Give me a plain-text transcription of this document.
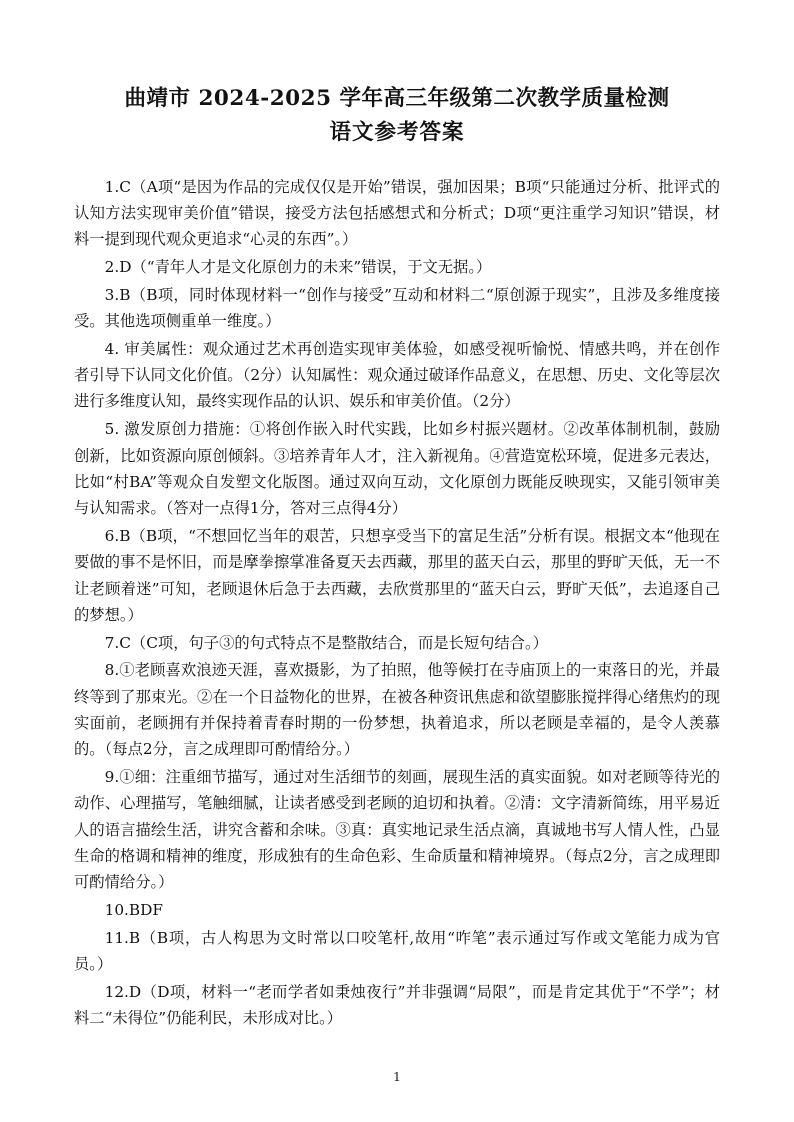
曲靖市 2024-2025 学年高三年级第二次教学质量检测
语文参考答案

1.C（A项“是因为作品的完成仅仅是开始”错误，强加因果；B项“只能通过分析、批评式的认知方法实现审美价值”错误，接受方法包括感想式和分析式；D项“更注重学习知识”错误，材料一提到现代观众更追求“心灵的东西”。）

2.D（“青年人才是文化原创力的未来”错误，于文无据。）

3.B（B项，同时体现材料一“创作与接受”互动和材料二“原创源于现实”，且涉及多维度接受。其他选项侧重单一维度。）

4. 审美属性：观众通过艺术再创造实现审美体验，如感受视听愉悦、情感共鸣，并在创作者引导下认同文化价值。（2分）认知属性：观众通过破译作品意义，在思想、历史、文化等层次进行多维度认知，最终实现作品的认识、娱乐和审美价值。（2分）

5. 激发原创力措施：①将创作嵌入时代实践，比如乡村振兴题材。②改革体制机制，鼓励创新，比如资源向原创倾斜。③培养青年人才，注入新视角。④营造宽松环境，促进多元表达，比如“村BA”等观众自发塑文化版图。通过双向互动，文化原创力既能反映现实，又能引领审美与认知需求。（答对一点得1分，答对三点得4分）

6.B（B项，“不想回忆当年的艰苦，只想享受当下的富足生活”分析有误。根据文本“他现在要做的事不是怀旧，而是摩拳擦掌准备夏天去西藏，那里的蓝天白云，那里的野旷天低，无一不让老顾着迷”可知，老顾退休后急于去西藏，去欣赏那里的“蓝天白云，野旷天低”，去追逐自己的梦想。）

7.C（C项，句子③的句式特点不是整散结合，而是长短句结合。）

8.①老顾喜欢浪迹天涯，喜欢摄影，为了拍照，他等候打在寺庙顶上的一束落日的光，并最终等到了那束光。②在一个日益物化的世界，在被各种资讯焦虑和欲望膨胀搅拌得心绪焦灼的现实面前，老顾拥有并保持着青春时期的一份梦想，执着追求，所以老顾是幸福的，是令人羡慕的。（每点2分，言之成理即可酌情给分。）

9.①细：注重细节描写，通过对生活细节的刻画，展现生活的真实面貌。如对老顾等待光的动作、心理描写，笔触细腻，让读者感受到老顾的迫切和执着。②清：文字清新简练，用平易近人的语言描绘生活，讲究含蓄和余味。③真：真实地记录生活点滴，真诚地书写人情人性，凸显生命的格调和精神的维度，形成独有的生命色彩、生命质量和精神境界。（每点2分，言之成理即可酌情给分。）

10.BDF

11.B（B项，古人构思为文时常以口咬笔杆,故用“咋笔”表示通过写作或文笔能力成为官员。）

12.D（D项，材料一“老而学者如秉烛夜行”并非强调“局限”，而是肯定其优于“不学”；材料二“未得位”仍能利民，未形成对比。）

1
